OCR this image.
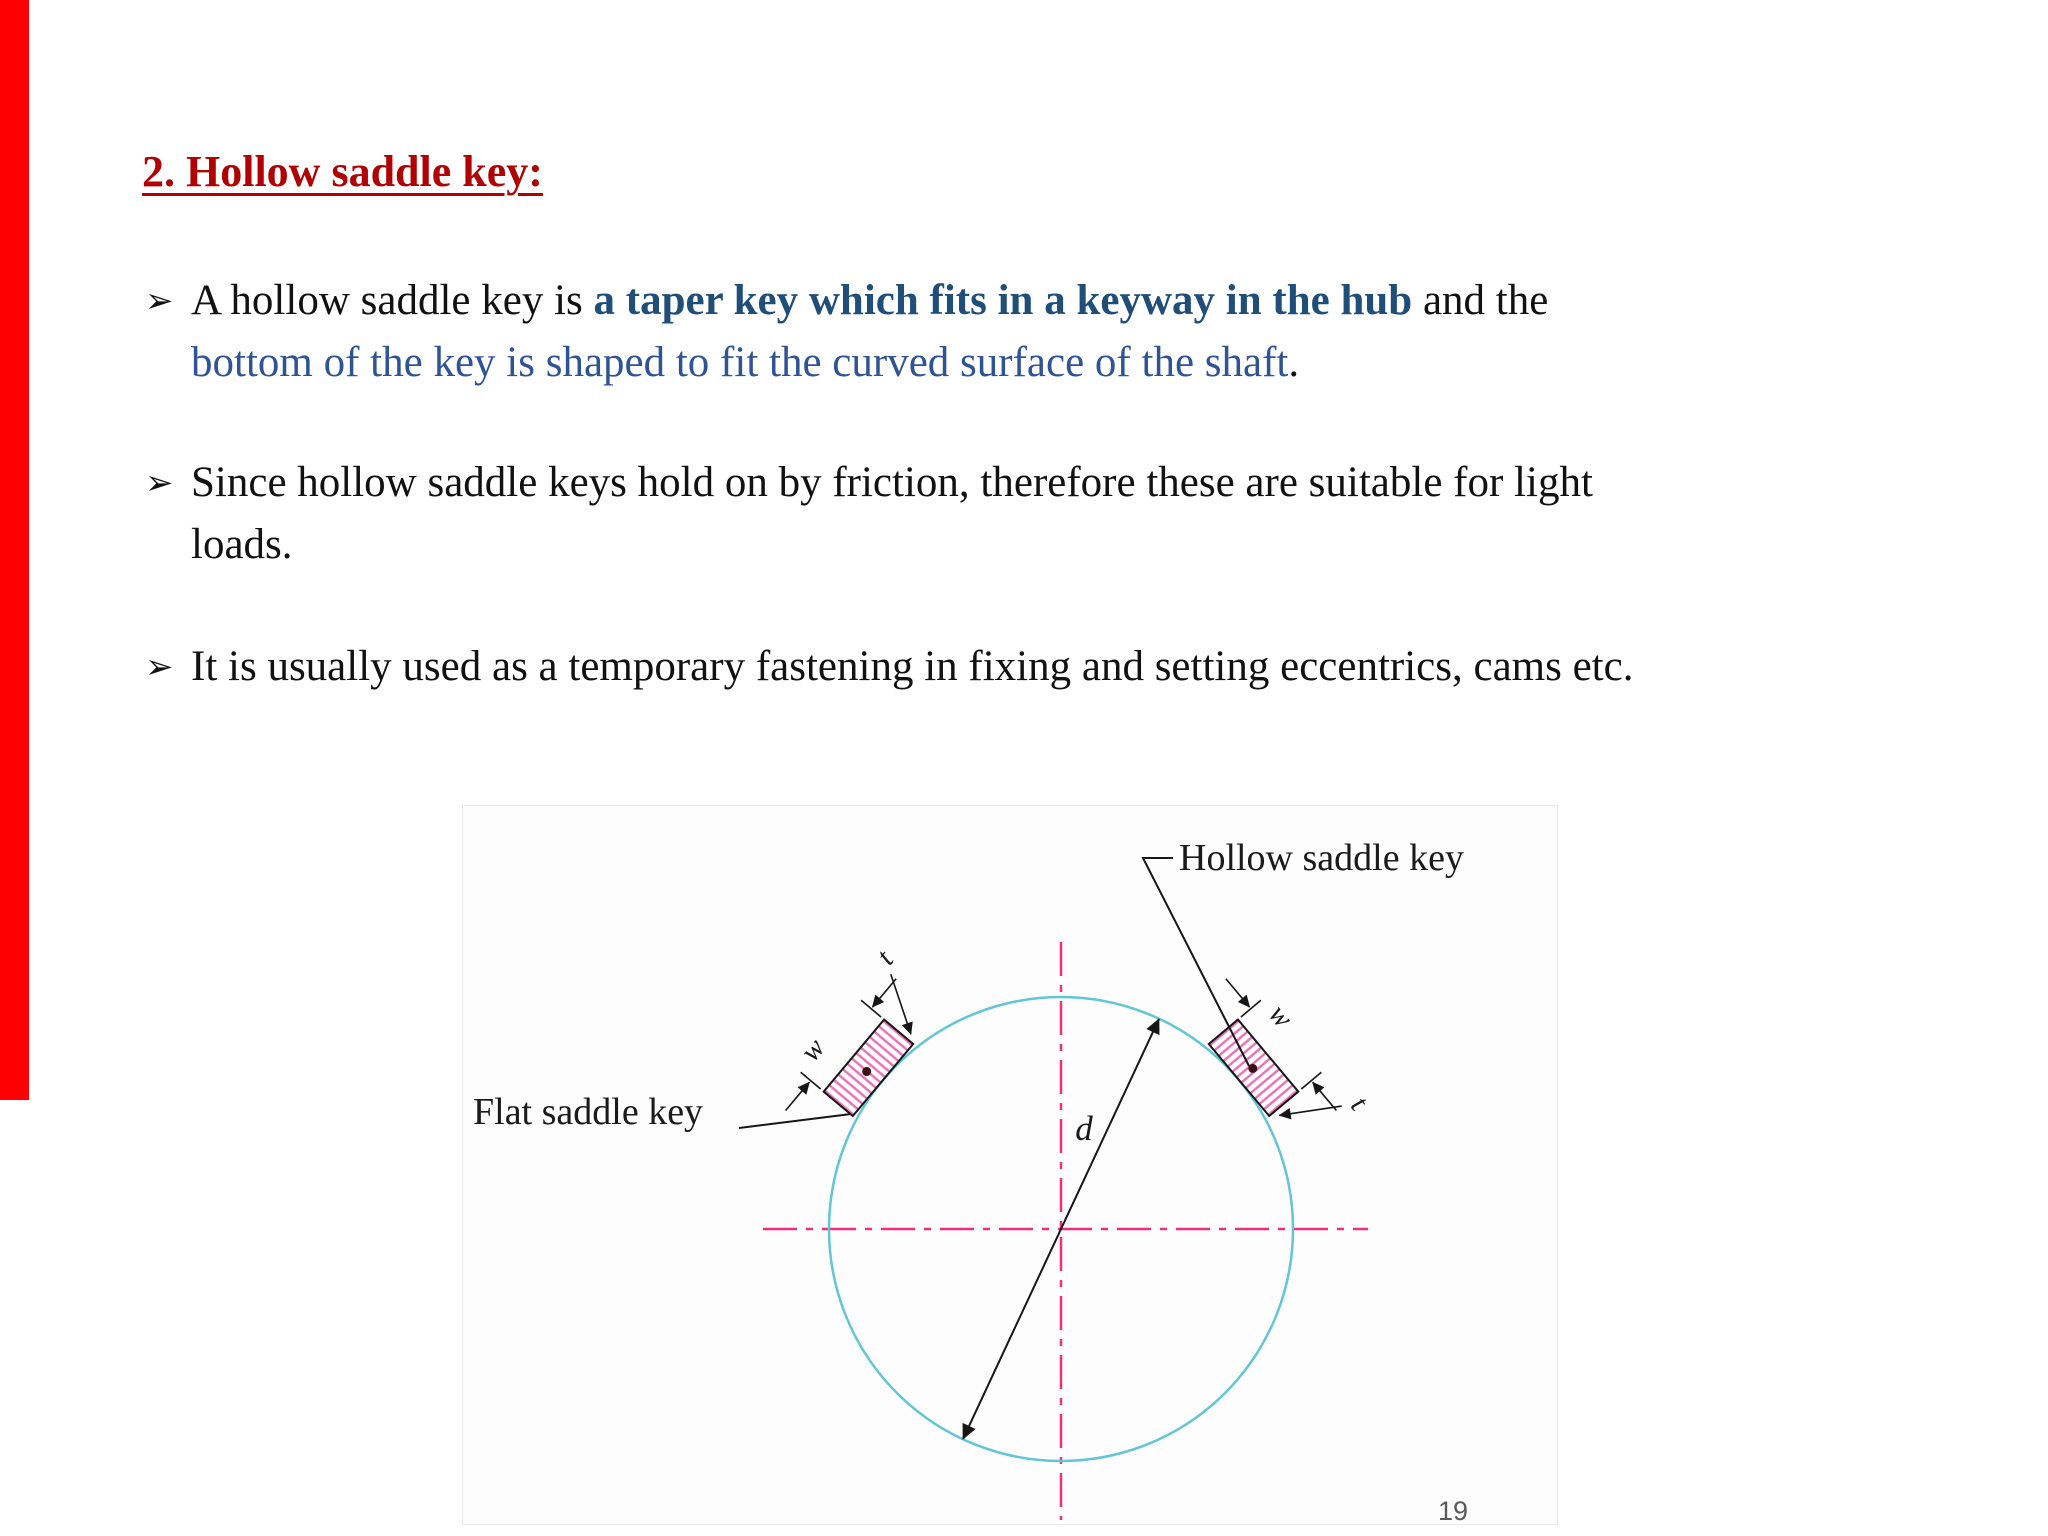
2. Hollow saddle key:
➢ A hollow saddle key is a taper key which fits in a keyway in the hub and the
bottom of the key is shaped to fit the curved surface of the shaft.
➢ Since hollow saddle keys hold on by friction, therefore these are suitable for light
loads.
➢ It is usually used as a temporary fastening in fixing and setting eccentrics, cams etc.
d
w
t
w
t
Hollow saddle key
Flat saddle key
19
